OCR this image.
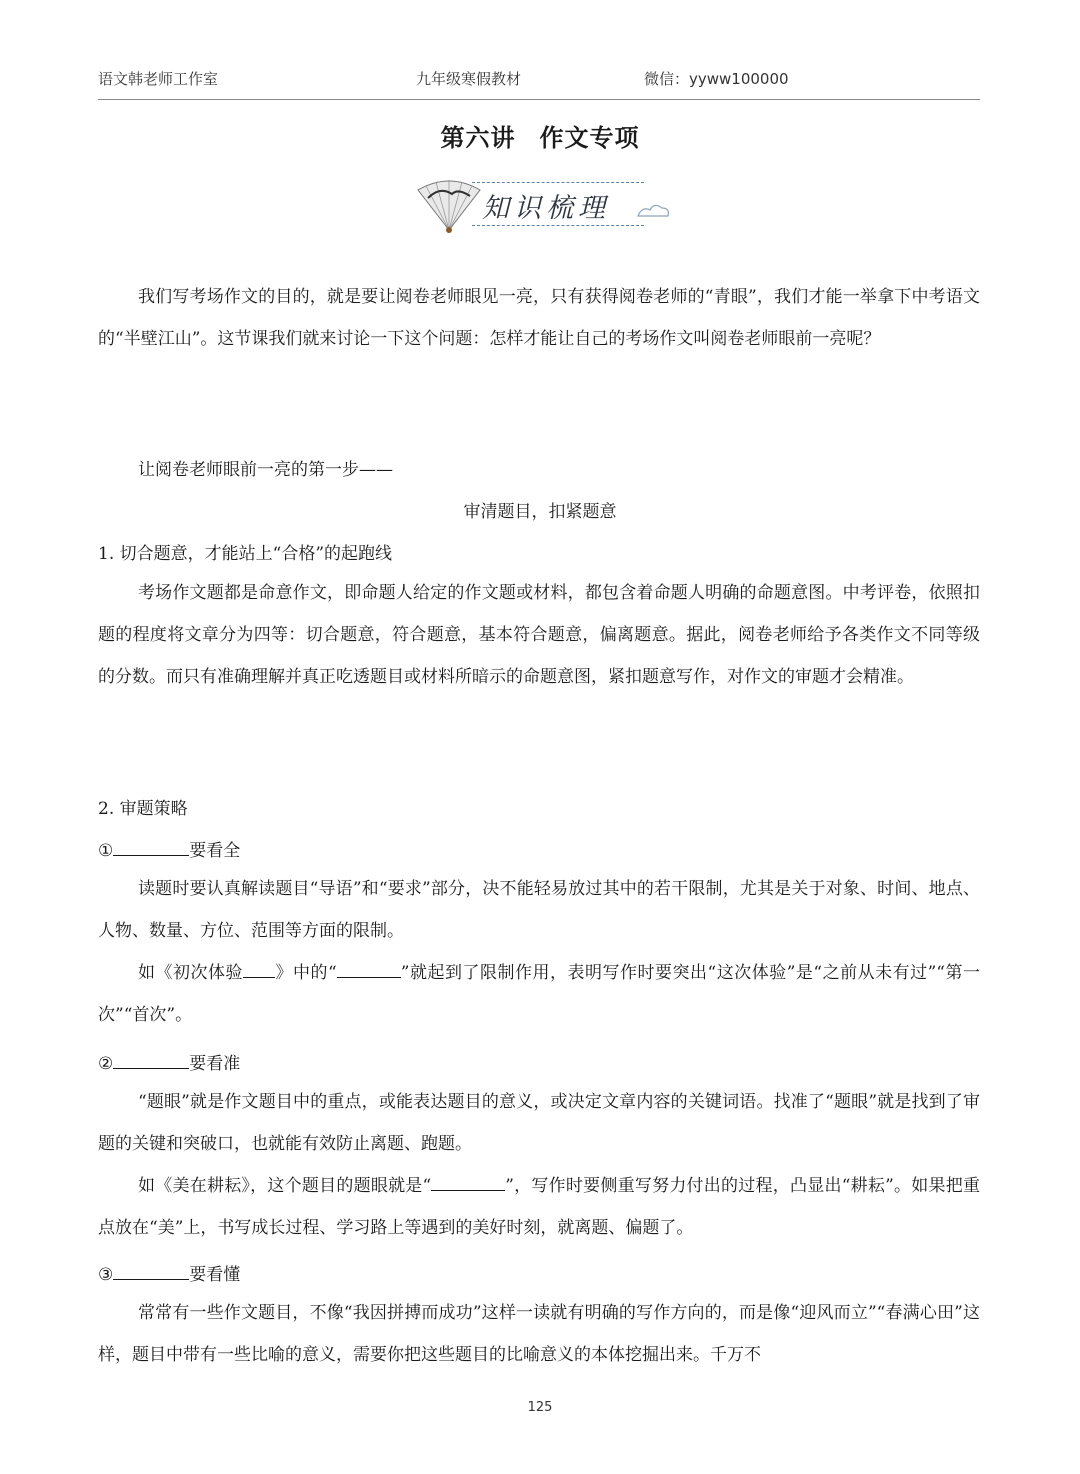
语文韩老师工作室	九年级寒假教材	微信：yyww100000
第六讲 作文专项
知识梳理

我们写考场作文的目的，就是要让阅卷老师眼见一亮，只有获得阅卷老师的“青眼”，我们才能一举拿下中考语文的“半壁江山”。这节课我们就来讨论一下这个问题：怎样才能让自己的考场作文叫阅卷老师眼前一亮呢？

让阅卷老师眼前一亮的第一步——
审清题目，扣紧题意
1. 切合题意，才能站上“合格”的起跑线

考场作文题都是命意作文，即命题人给定的作文题或材料，都包含着命题人明确的命题意图。中考评卷，依照扣题的程度将文章分为四等：切合题意，符合题意，基本符合题意，偏离题意。据此，阅卷老师给予各类作文不同等级的分数。而只有准确理解并真正吃透题目或材料所暗示的命题意图，紧扣题意写作，对作文的审题才会精准。

2. 审题策略
①	要看全

读题时要认真解读题目“导语”和“要求”部分，决不能轻易放过其中的若干限制，尤其是关于对象、时间、地点、人物、数量、方位、范围等方面的限制。

如《初次体验 》中的“	”就起到了限制作用，表明写作时要突出“这次体验”是“之前从未有过”“第一次”“首次”。

②	要看准

“题眼”就是作文题目中的重点，或能表达题目的意义，或决定文章内容的关键词语。找准了“题眼”就是找到了审题的关键和突破口，也就能有效防止离题、跑题。

如《美在耕耘》，这个题目的题眼就是“	”，写作时要侧重写努力付出的过程，凸显出“耕耘”。如果把重点放在“美”上，书写成长过程、学习路上等遇到的美好时刻，就离题、偏题了。

③	要看懂

常常有一些作文题目，不像“我因拼搏而成功”这样一读就有明确的写作方向的，而是像“迎风而立”“春满心田”这样，题目中带有一些比喻的意义，需要你把这些题目的比喻意义的本体挖掘出来。千万不

125
